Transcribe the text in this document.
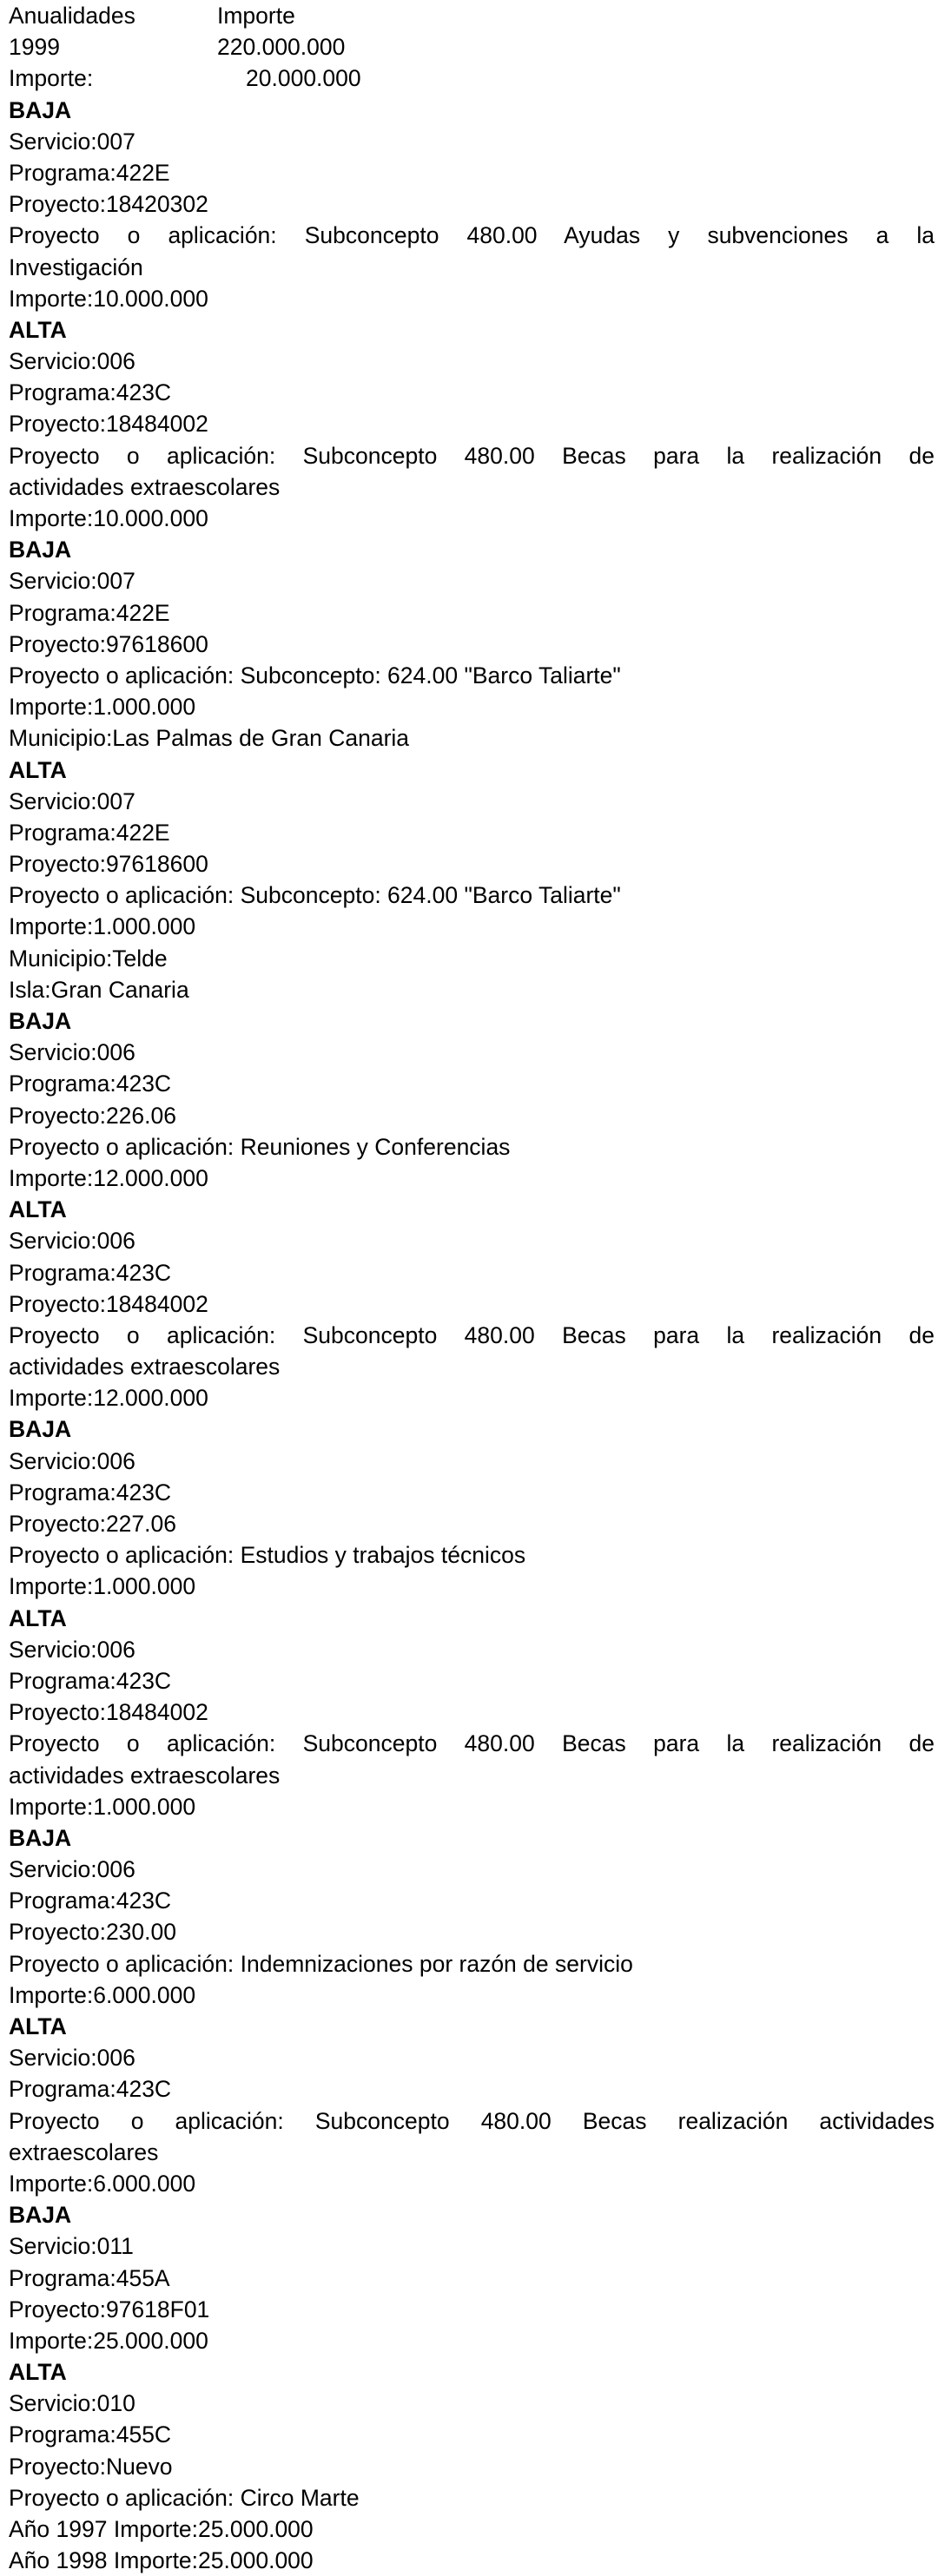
Anualidades	Importe
1999	220.000.000
Importe:	20.000.000
BAJA
Servicio:007
Programa:422E
Proyecto:18420302
Proyecto o aplicación: Subconcepto 480.00 Ayudas y subvenciones a la
Investigación
Importe:10.000.000
ALTA
Servicio:006
Programa:423C
Proyecto:18484002
Proyecto o aplicación: Subconcepto 480.00 Becas para la realización de
actividades extraescolares
Importe:10.000.000
BAJA
Servicio:007
Programa:422E
Proyecto:97618600
Proyecto o aplicación: Subconcepto: 624.00 "Barco Taliarte"
Importe:1.000.000
Municipio:Las Palmas de Gran Canaria
ALTA
Servicio:007
Programa:422E
Proyecto:97618600
Proyecto o aplicación: Subconcepto: 624.00 "Barco Taliarte"
Importe:1.000.000
Municipio:Telde
Isla:Gran Canaria
BAJA
Servicio:006
Programa:423C
Proyecto:226.06
Proyecto o aplicación: Reuniones y Conferencias
Importe:12.000.000
ALTA
Servicio:006
Programa:423C
Proyecto:18484002
Proyecto o aplicación: Subconcepto 480.00 Becas para la realización de
actividades extraescolares
Importe:12.000.000
BAJA
Servicio:006
Programa:423C
Proyecto:227.06
Proyecto o aplicación: Estudios y trabajos técnicos
Importe:1.000.000
ALTA
Servicio:006
Programa:423C
Proyecto:18484002
Proyecto o aplicación: Subconcepto 480.00 Becas para la realización de
actividades extraescolares
Importe:1.000.000
BAJA
Servicio:006
Programa:423C
Proyecto:230.00
Proyecto o aplicación: Indemnizaciones por razón de servicio
Importe:6.000.000
ALTA
Servicio:006
Programa:423C
Proyecto o aplicación: Subconcepto 480.00 Becas realización actividades
extraescolares
Importe:6.000.000
BAJA
Servicio:011
Programa:455A
Proyecto:97618F01
Importe:25.000.000
ALTA
Servicio:010
Programa:455C
Proyecto:Nuevo
Proyecto o aplicación: Circo Marte
Año 1997 Importe:25.000.000
Año 1998 Importe:25.000.000
